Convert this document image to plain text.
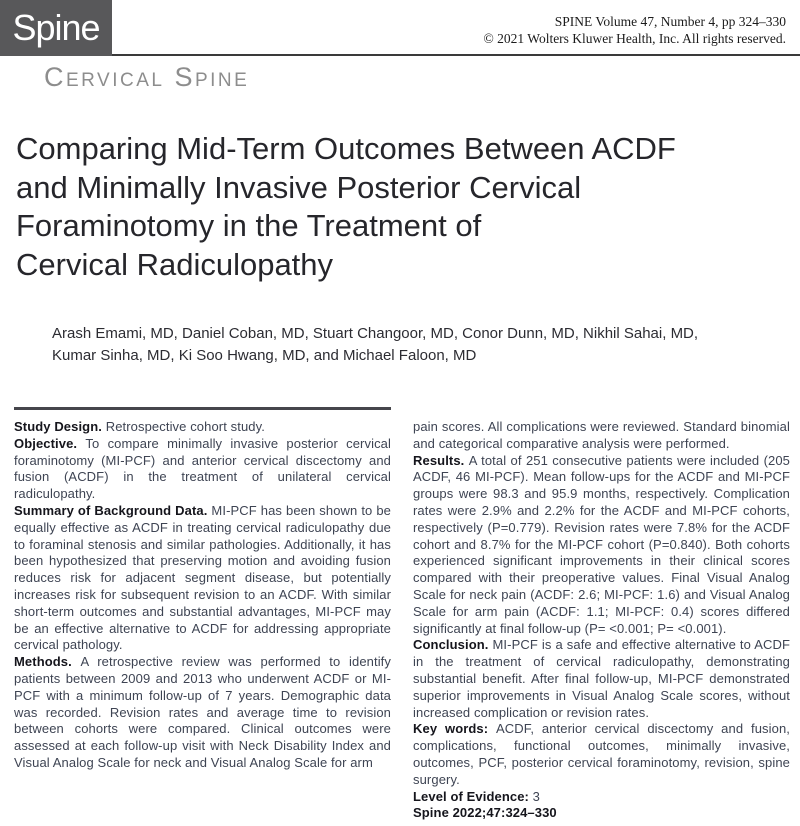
Spine	SPINE Volume 47, Number 4, pp 324–330
© 2021 Wolters Kluwer Health, Inc. All rights reserved.
Cervical Spine
Comparing Mid-Term Outcomes Between ACDF
and Minimally Invasive Posterior Cervical
Foraminotomy in the Treatment of
Cervical Radiculopathy
Arash Emami, MD, Daniel Coban, MD, Stuart Changoor, MD, Conor Dunn, MD, Nikhil Sahai, MD,
Kumar Sinha, MD, Ki Soo Hwang, MD, and Michael Faloon, MD

Study Design. Retrospective cohort study.

Objective. To compare minimally invasive posterior cervical foraminotomy (MI-PCF) and anterior cervical discectomy and fusion (ACDF) in the treatment of unilateral cervical radiculopathy.

Summary of Background Data. MI-PCF has been shown to be equally effective as ACDF in treating cervical radiculopathy due to foraminal stenosis and similar pathologies. Additionally, it has been hypothesized that preserving motion and avoiding fusion reduces risk for adjacent segment disease, but potentially increases risk for subsequent revision to an ACDF. With similar short-term outcomes and substantial advantages, MI-PCF may be an effective alternative to ACDF for addressing appropriate cervical pathology.

Methods. A retrospective review was performed to identify patients between 2009 and 2013 who underwent ACDF or MI-PCF with a minimum follow-up of 7 years. Demographic data was recorded. Revision rates and average time to revision between cohorts were compared. Clinical outcomes were assessed at each follow-up visit with Neck Disability Index and Visual Analog Scale for neck and Visual Analog Scale for arm

pain scores. All complications were reviewed. Standard binomial and categorical comparative analysis were performed.

Results. A total of 251 consecutive patients were included (205 ACDF, 46 MI-PCF). Mean follow-ups for the ACDF and MI-PCF groups were 98.3 and 95.9 months, respectively. Complication rates were 2.9% and 2.2% for the ACDF and MI-PCF cohorts, respectively (P=0.779). Revision rates were 7.8% for the ACDF cohort and 8.7% for the MI-PCF cohort (P=0.840). Both cohorts experienced significant improvements in their clinical scores compared with their preoperative values. Final Visual Analog Scale for neck pain (ACDF: 2.6; MI-PCF: 1.6) and Visual Analog Scale for arm pain (ACDF: 1.1; MI-PCF: 0.4) scores differed significantly at final follow-up (P= <0.001; P= <0.001).

Conclusion. MI-PCF is a safe and effective alternative to ACDF in the treatment of cervical radiculopathy, demonstrating substantial benefit. After final follow-up, MI-PCF demonstrated superior improvements in Visual Analog Scale scores, without increased complication or revision rates.

Key words: ACDF, anterior cervical discectomy and fusion, complications, functional outcomes, minimally invasive, outcomes, PCF, posterior cervical foraminotomy, revision, spine surgery.

Level of Evidence: 3

Spine 2022;47:324–330
